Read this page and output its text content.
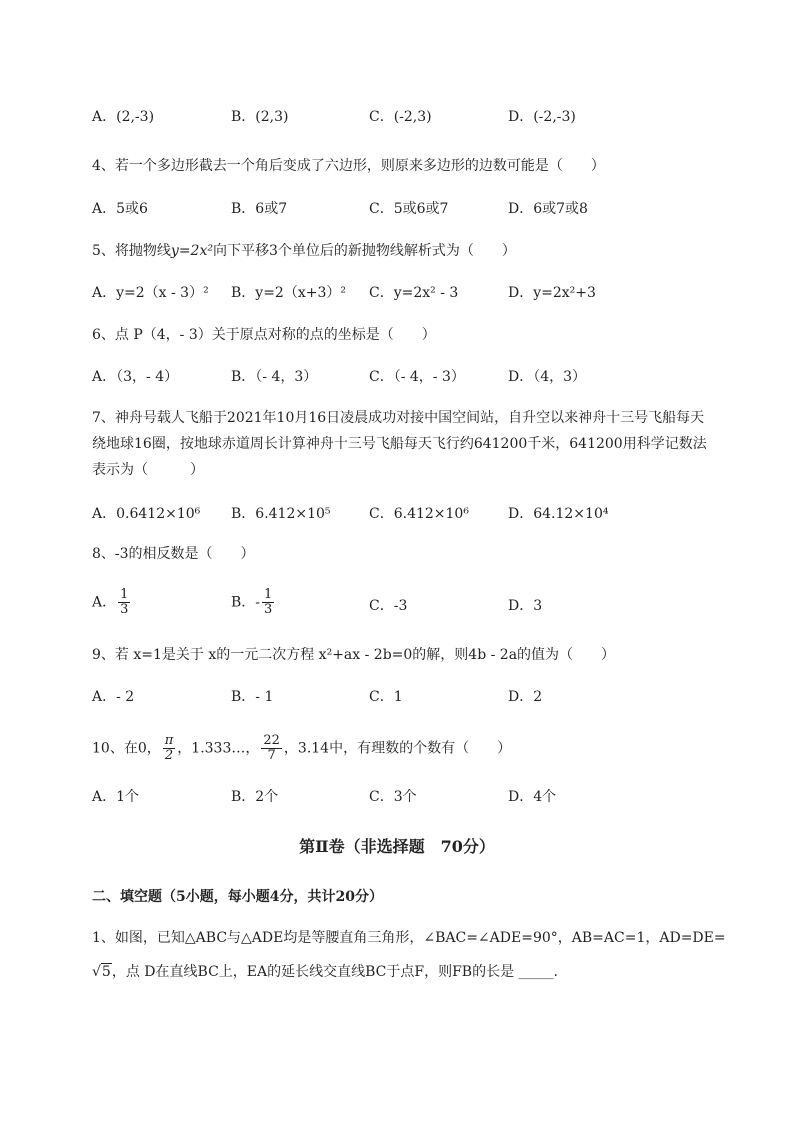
A．(2,-3)	B．(2,3)	C．(-2,3)	D．(-2,-3)
4、若一个多边形截去一个角后变成了六边形，则原来多边形的边数可能是（　　）
A．5或6	B．6或7	C．5或6或7	D．6或7或8
5、将抛物线y=2x²向下平移3个单位后的新抛物线解析式为（　　）
A．y=2（x - 3）² B．y=2（x+3）² C．y=2x² - 3	D．y=2x²+3
6、点 P（4，- 3）关于原点对称的点的坐标是（　　）
A．（3，- 4）	B．（- 4，3）	C．（- 4，- 3）	D．（4，3）
7、神舟号载人飞船于2021年10月16日凌晨成功对接中国空间站，自升空以来神舟十三号飞船每天
绕地球16圈，按地球赤道周长计算神舟十三号飞船每天飞行约641200千米，641200用科学记数法
表示为（　　　）
A．0.6412×10⁶ B．6.412×10⁵	C．6.412×10⁶	D．64.12×10⁴
8、-3的相反数是（　　）
A． $\frac{1}{3}$	B．- $\frac{1}{3}$	C．-3	D．3
9、若 x=1是关于 x的一元二次方程 x²+ax - 2b=0的解，则4b - 2a的值为（　　）
A．- 2	B．- 1	C．1	D．2
10、在0， $\frac{\pi}{2}$ ，1.333…， $\frac{22}{7}$ ，3.14中，有理数的个数有（　　）
A．1个	B．2个	C．3个	D．4个
第Ⅱ卷（非选择题　70分）
二、填空题（5小题，每小题4分，共计20分）
1、如图，已知△ABC与△ADE均是等腰直角三角形，∠BAC=∠ADE=90°，AB=AC=1，AD=DE=
√5，点 D在直线BC上，EA的延长线交直线BC于点F，则FB的长是 _____.
